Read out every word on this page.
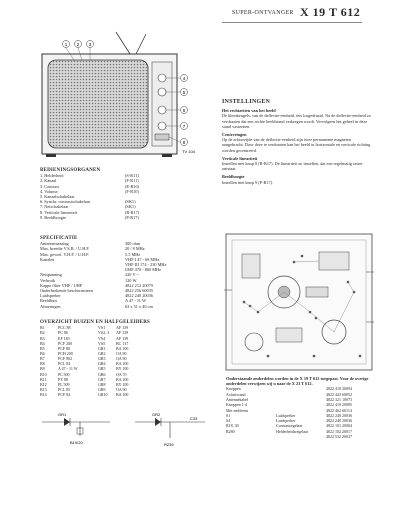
SUPER-ONTVANGER X 19 T 612
1 2 3
4
5
6
7
8
TV 104
BEDIENINGSORGANEN
1. Helderheid	(S-R11)
2. Kanaal	(F-R11)
3. Contrast	(E-R10)
4. Volume	(F-R10)
5. Kanaalschakelaar
6. Synchr. contrastschakelaar	(SK1)
7. Netschakelaar	(SK1)
8. Verticale lineariteit	(R-R17)
9. Beeldhoogte	(P-R17)
SPECIFICATIE
Antennetaanslag	300 ohm
Max. breedte V.S.B. / U.H.F.	20 / 8 MHz
Max. gevoel. V.H.F. / U.H.F.	5,5 MHz
Kanalen	VHF I 47 - 68 MHz
VHF III 174 - 230 MHz
UHF 470 - 860 MHz
Netspanning	220 V ~
Verbruik	120 W
Kappa filter VHF / UHF	4822 212 20079
Onderbrekende beschermsteen	4822 256 60035
Luidspreker	4822 240 20036
Beeldbuis	A 47 - 11 W
Afmetingen	63 x 51 x 40 cm
OVERZICHT BUIZEN EN HALFGELEIDERS
B1	PCC 88	VS1	AF 139
B2	PC 86	VS2, 3	AF 139
B3	EF 183	VS4	AF 139
B4	PCF 200	VS5	BC 137
B5	PCF 80	GR1	BA 100
B6	PCH 200	GR2	OA 90
B7	PCF 802	GR3	OA 90
B8	PCL 84	GR4	BA 100
B9	A 47 - 11 W	GR5	BY 100
B10	PL 500	GR6	OA 70
B11	PY 88	GR7	BA 100
B12	PL 509	GR8	BY 100
B13	PCL 85	GR9	OA 90
B14	PCF 84	GR10	BA 100
GR1
B10/20
GR2
C33
R239
INSTELLINGEN
Het rechtzetten van het beeld
De klembeugels, van de deflectie-eenheid, iets losgedraaid. Na de deflectie-eenheid zo verdraaien dat een rechte beeldstand verkregen wordt. Vervolgens het geheel in deze stand vastzetten.
Centreringen
Op de achterzijde van de deflectie-eenheid zijn twee permanente magneten aangebracht. Door deze te verdraaien kan het beeld in horizontale en verticale richting worden gecentreerd.
Verticale lineariteit
Instellen met knop 8 (R-R17). De lineariteit zo instellen, dat een regelmatig raster ontstaat.
Beeldhoogte
Instellen met knop 9 (P-R17).
Onderstaande onderdelen worden in de X 19 T 612 toegepast. Voor de overige onderdelen verwijzen wij u naar de X 23 T 612.
Knoppen	4822 410 20094
Achterwand	4822 443 60052
Antennekabel	4822 321 10073
Knoppen 1-4	4822 410 20085
Met embleem	4822 462 60114
S1	Luidspreker	4822 240 20036
S4	Luidspreker	4822 240 20036
R18, 30	Contrastregelaar	4822 101 20004
R280	Helderheidsregelaar	4822 102 20017
4822 532 20037
